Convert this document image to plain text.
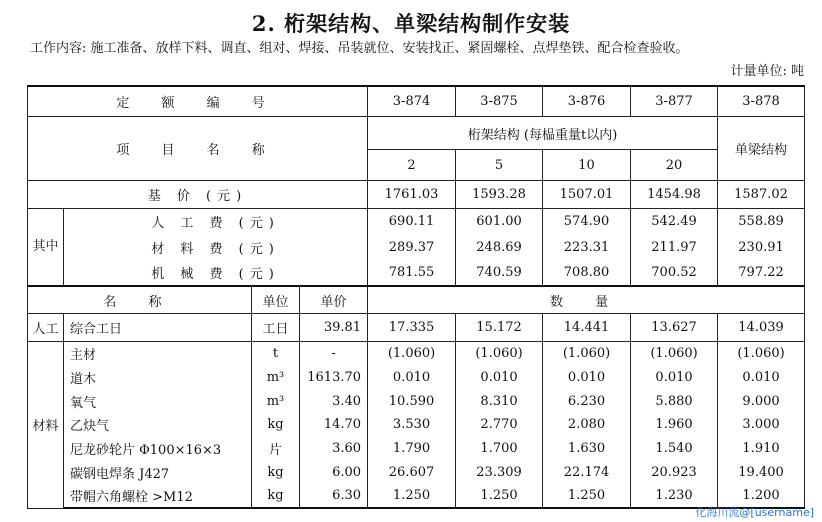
2. 桁架结构、单梁结构制作安装
工作内容: 施工准备、放样下料、调直、组对、焊接、吊装就位、安装找正、紧固螺栓、点焊垫铁、配合检查验收。
计量单位: 吨
定 额 编 号				3-874	3-875	3-876	3-877	3-878
项 目 名 称				桁架结构 (每榀重量t以内)				单梁结构
				2	5	10	20	
基 价 (元)				1761.03	1593.28	1507.01	1454.98	1587.02
其中	人 工 费 (元)			690.11	601.00	574.90	542.49	558.89
	材 料 费 (元)			289.37	248.69	223.31	211.97	230.91
	机 械 费 (元)			781.55	740.59	708.80	700.52	797.22
名 称		单位	单价	数 量				
人工	综合工日	工日	39.81	17.335	15.172	14.441	13.627	14.039
材料	主材	t	-	(1.060)	(1.060)	(1.060)	(1.060)	(1.060)
	道木	m³	1613.70	0.010	0.010	0.010	0.010	0.010
	氧气	m³	3.40	10.590	8.310	6.230	5.880	9.000
	乙炔气	kg	14.70	3.530	2.770	2.080	1.960	3.000
	尼龙砂轮片 Φ100×16×3	片	3.60	1.790	1.700	1.630	1.540	1.910
	碳钢电焊条 J427	kg	6.00	26.607	23.309	22.174	20.923	19.400
	带帽六角螺栓 >M12	kg	6.30	1.250	1.250	1.250	1.230	1.200
化海川流@[username]
